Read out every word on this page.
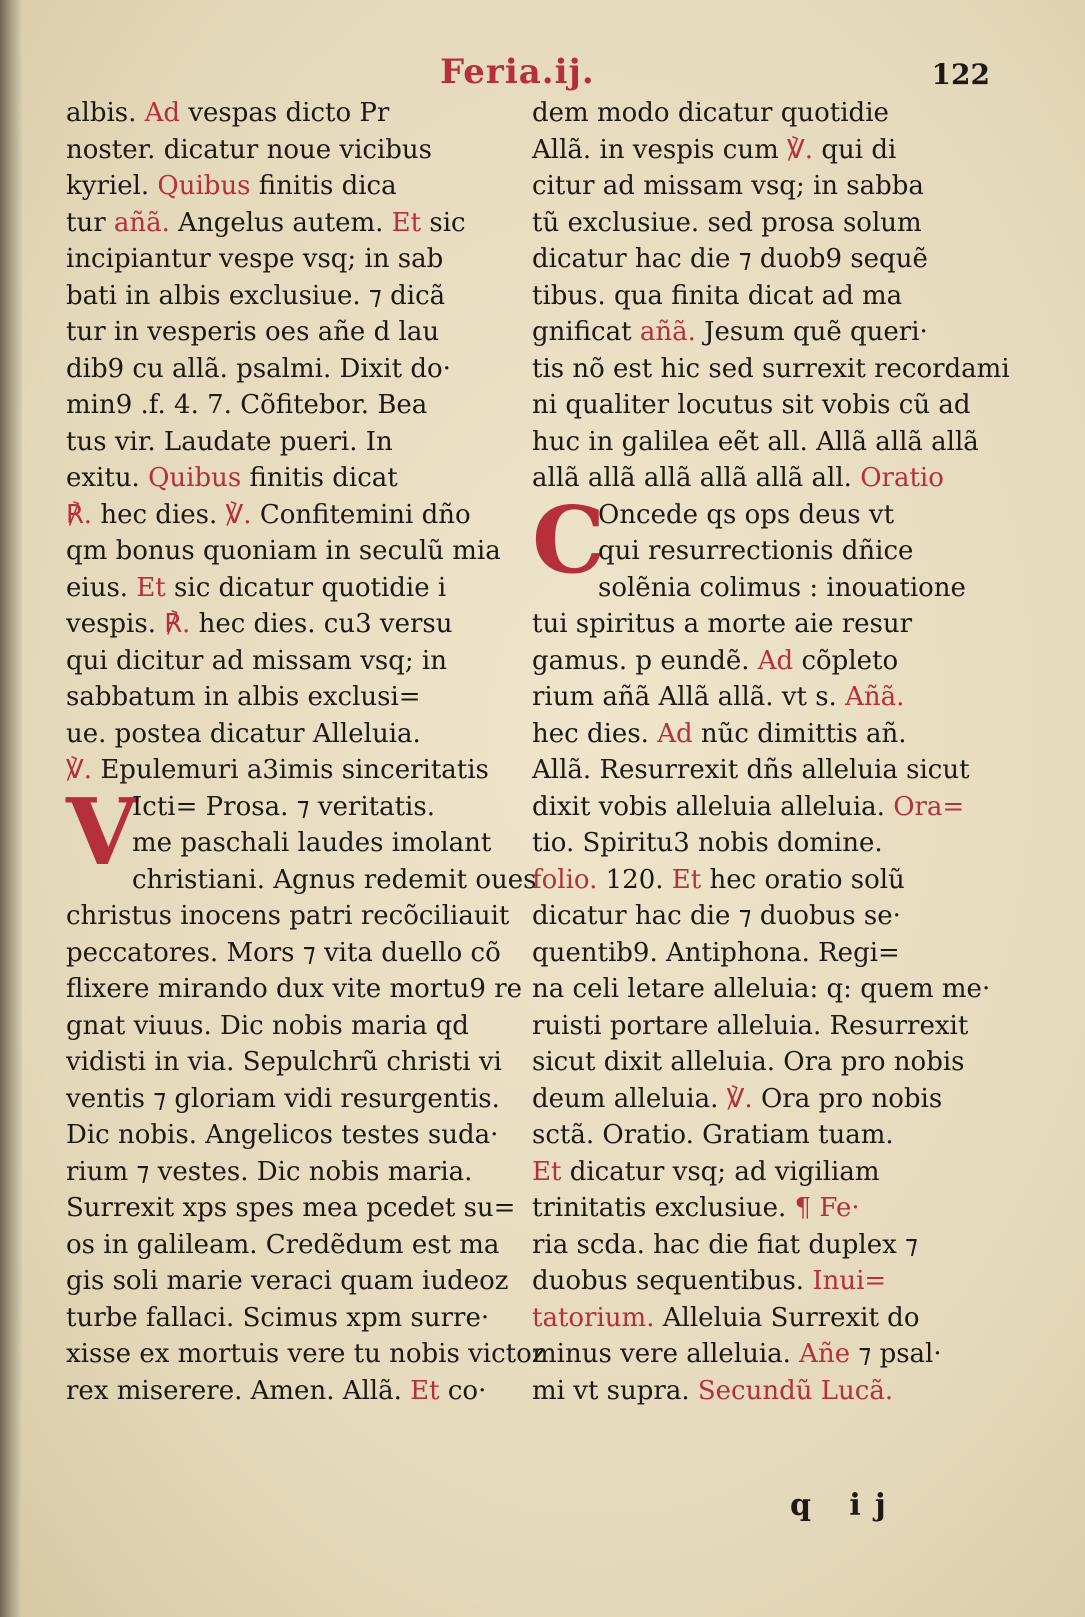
Feria.ij.	122
albis. Ad vespas dicto Pr
noster. dicatur noue vicibus
kyriel. Quibus finitis dica
tur añã. Angelus autem. Et sic
incipiantur vespe vsq; in sab
bati in albis exclusiue. ⁊ dicã
tur in vesperis oes añe d lau
dib9 cu allã. psalmi. Dixit do·
min9 .f. 4. 7. Cõfitebor. Bea
tus vir. Laudate pueri. In
exitu. Quibus finitis dicat
℟. hec dies. ℣. Confitemini dño
qm bonus quoniam in seculũ mia
eius. Et sic dicatur quotidie i
vespis. ℟. hec dies. cu3 versu
qui dicitur ad missam vsq; in
sabbatum in albis exclusi=
ue. postea dicatur Alleluia.
℣. Epulemuri a3imis sinceritatis
V
Icti= Prosa. ⁊ veritatis.
me paschali laudes imolant
christiani. Agnus redemit oues
christus inocens patri recõciliauit
peccatores. Mors ⁊ vita duello cõ
flixere mirando dux vite mortu9 re
gnat viuus. Dic nobis maria qd
vidisti in via. Sepulchrũ christi vi
ventis ⁊ gloriam vidi resurgentis.
Dic nobis. Angelicos testes suda·
rium ⁊ vestes. Dic nobis maria.
Surrexit xps spes mea pcedet su=
os in galileam. Credẽdum est ma
gis soli marie veraci quam iudeoz
turbe fallaci. Scimus xpm surre·
xisse ex mortuis vere tu nobis victoz
rex miserere. Amen. Allã. Et co·
dem modo dicatur quotidie
Allã. in vespis cum ℣. qui di
citur ad missam vsq; in sabba
tũ exclusiue. sed prosa solum
dicatur hac die ⁊ duob9 sequẽ
tibus. qua finita dicat ad ma
gnificat añã. Jesum quẽ queri·
tis nõ est hic sed surrexit recordami
ni qualiter locutus sit vobis cũ ad
huc in galilea eẽt all. Allã allã allã
allã allã allã allã allã all. Oratio
C
Oncede qs ops deus vt
qui resurrectionis dñice
solẽnia colimus : inouatione
tui spiritus a morte aie resur
gamus. p eundẽ. Ad cõpleto
rium añã Allã allã. vt s. Añã.
hec dies. Ad nũc dimittis añ.
Allã. Resurrexit dñs alleluia sicut
dixit vobis alleluia alleluia. Ora=
tio. Spiritu3 nobis domine.
folio. 120. Et hec oratio solũ
dicatur hac die ⁊ duobus se·
quentib9. Antiphona. Regi=
na celi letare alleluia: q: quem me·
ruisti portare alleluia. Resurrexit
sicut dixit alleluia. Ora pro nobis
deum alleluia. ℣. Ora pro nobis
sctã. Oratio. Gratiam tuam.
Et dicatur vsq; ad vigiliam
trinitatis exclusiue. ¶ Fe·
ria scda. hac die fiat duplex ⁊
duobus sequentibus. Inui=
tatorium. Alleluia Surrexit do
minus vere alleluia. Añe ⁊ psal·
mi vt supra. Secundũ Lucã.
q ij
